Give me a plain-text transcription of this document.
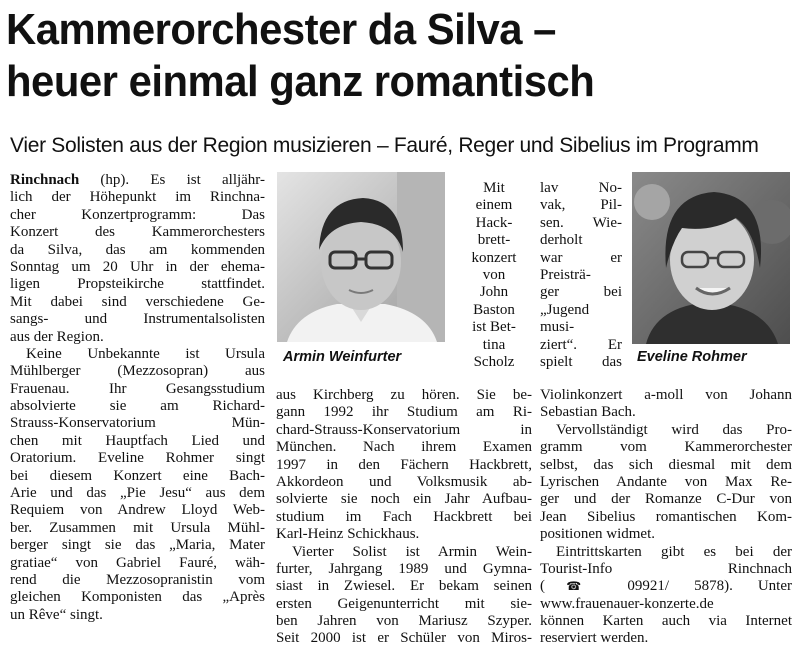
Kammerorchester da Silva –
heuer einmal ganz romantisch
Vier Solisten aus der Region musizieren – Fauré, Reger und Sibelius im Programm
Rinchnach (hp). Es ist alljähr-
lich der Höhepunkt im Rinchna-
cher Konzertprogramm: Das
Konzert des Kammerorchesters
da Silva, das am kommenden
Sonntag um 20 Uhr in der ehema-
ligen Propsteikirche stattfindet.
Mit dabei sind verschiedene Ge-
sangs- und Instrumentalsolisten
aus der Region.
Keine Unbekannte ist Ursula
Mühlberger (Mezzosopran) aus
Frauenau. Ihr Gesangsstudium
absolvierte sie am Richard-
Strauss-Konservatorium Mün-
chen mit Hauptfach Lied und
Oratorium. Eveline Rohmer singt
bei diesem Konzert eine Bach-
Arie und das „Pie Jesu“ aus dem
Requiem von Andrew Lloyd Web-
ber. Zusammen mit Ursula Mühl-
berger singt sie das „Maria, Mater
gratiae“ von Gabriel Fauré, wäh-
rend die Mezzosopranistin vom
gleichen Komponisten das „Après
un Rêve“ singt.
Armin Weinfurter
Mit
einem
Hack-
brett-
konzert
von
John
Baston
ist Bet-
tina
Scholz
aus Kirchberg zu hören. Sie be-
gann 1992 ihr Studium am Ri-
chard-Strauss-Konservatorium in
München. Nach ihrem Examen
1997 in den Fächern Hackbrett,
Akkordeon und Volksmusik ab-
solvierte sie noch ein Jahr Aufbau-
studium im Fach Hackbrett bei
Karl-Heinz Schickhaus.
Vierter Solist ist Armin Wein-
furter, Jahrgang 1989 und Gymna-
siast in Zwiesel. Er bekam seinen
ersten Geigenunterricht mit sie-
ben Jahren von Mariusz Szyper.
Seit 2000 ist er Schüler von Miros-
lav No-
vak, Pil-
sen. Wie-
derholt
war er
Preisträ-
ger bei
„Jugend
musi-
ziert“. Er
spielt das Eveline Rohmer
Violinkonzert a-moll von Johann
Sebastian Bach.
Vervollständigt wird das Pro-
gramm vom Kammerorchester
selbst, das sich diesmal mit dem
Lyrischen Andante von Max Re-
ger und der Romanze C-Dur von
Jean Sibelius romantischen Kom-
positionen widmet.
Eintrittskarten gibt es bei der
Tourist-Info Rinchnach
(☎ 09921/ 5878). Unter
www.frauenauer-konzerte.de
können Karten auch via Internet
reserviert werden.
